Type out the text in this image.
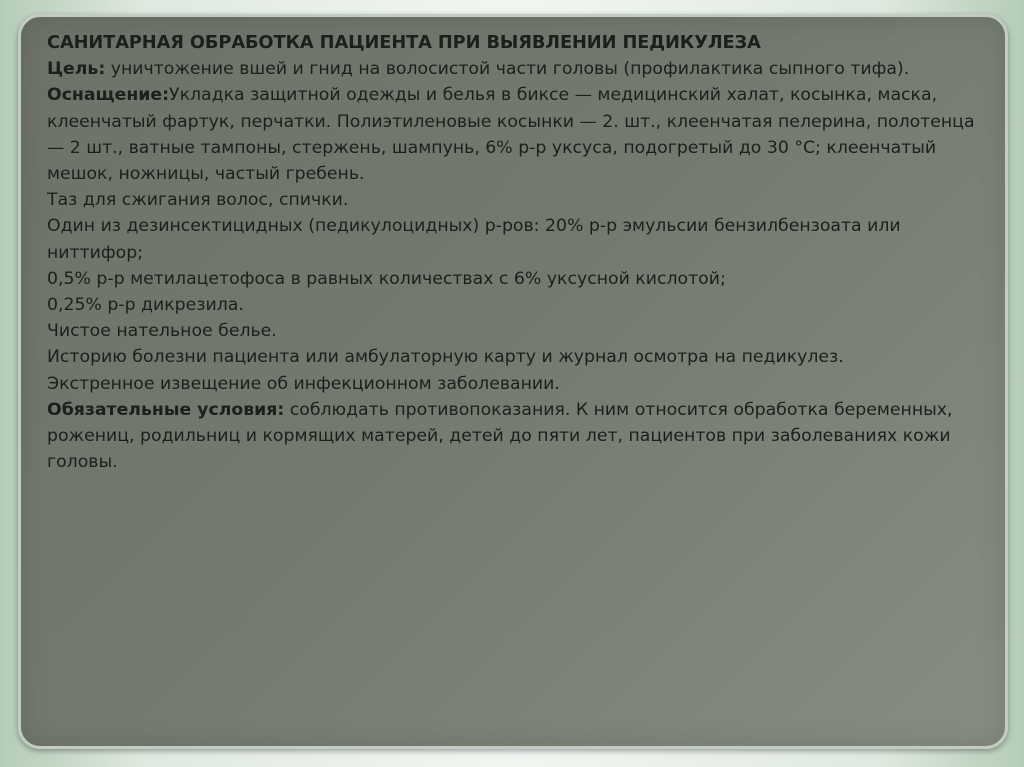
САНИТАРНАЯ ОБРАБОТКА ПАЦИЕНТА ПРИ ВЫЯВЛЕНИИ ПЕДИКУЛЕЗА

Цель: уничтожение вшей и гнид на волосистой части головы (профилактика сыпного тифа). Оснащение:Укладка защитной одежды и белья в биксе — медицинский халат, косынка, маска, клеенчатый фартук, перчатки. Полиэтиленовые косынки — 2. шт., клеенчатая пелерина, полотенца — 2 шт., ватные тампоны, стержень, шампунь, 6% р-р уксуса, подогретый до 30 °С; клеенчатый мешок, ножницы, частый гребень.

Таз для сжигания волос, спички.

Один из дезинсектицидных (педикулоцидных) р-ров: 20% р-р эмульсии бензилбензоата или ниттифор;

0,5% р-р метилацетофоса в равных количествах с 6% уксусной кислотой;

0,25% р-р дикрезила.

Чистое нательное белье.

Историю болезни пациента или амбулаторную карту и журнал осмотра на педикулез.

Экстренное извещение об инфекционном заболевании.

Обязательные условия: соблюдать противопоказания. К ним относится обработка беременных, рожениц, родильниц и кормящих матерей, детей до пяти лет, пациентов при заболеваниях кожи головы.
